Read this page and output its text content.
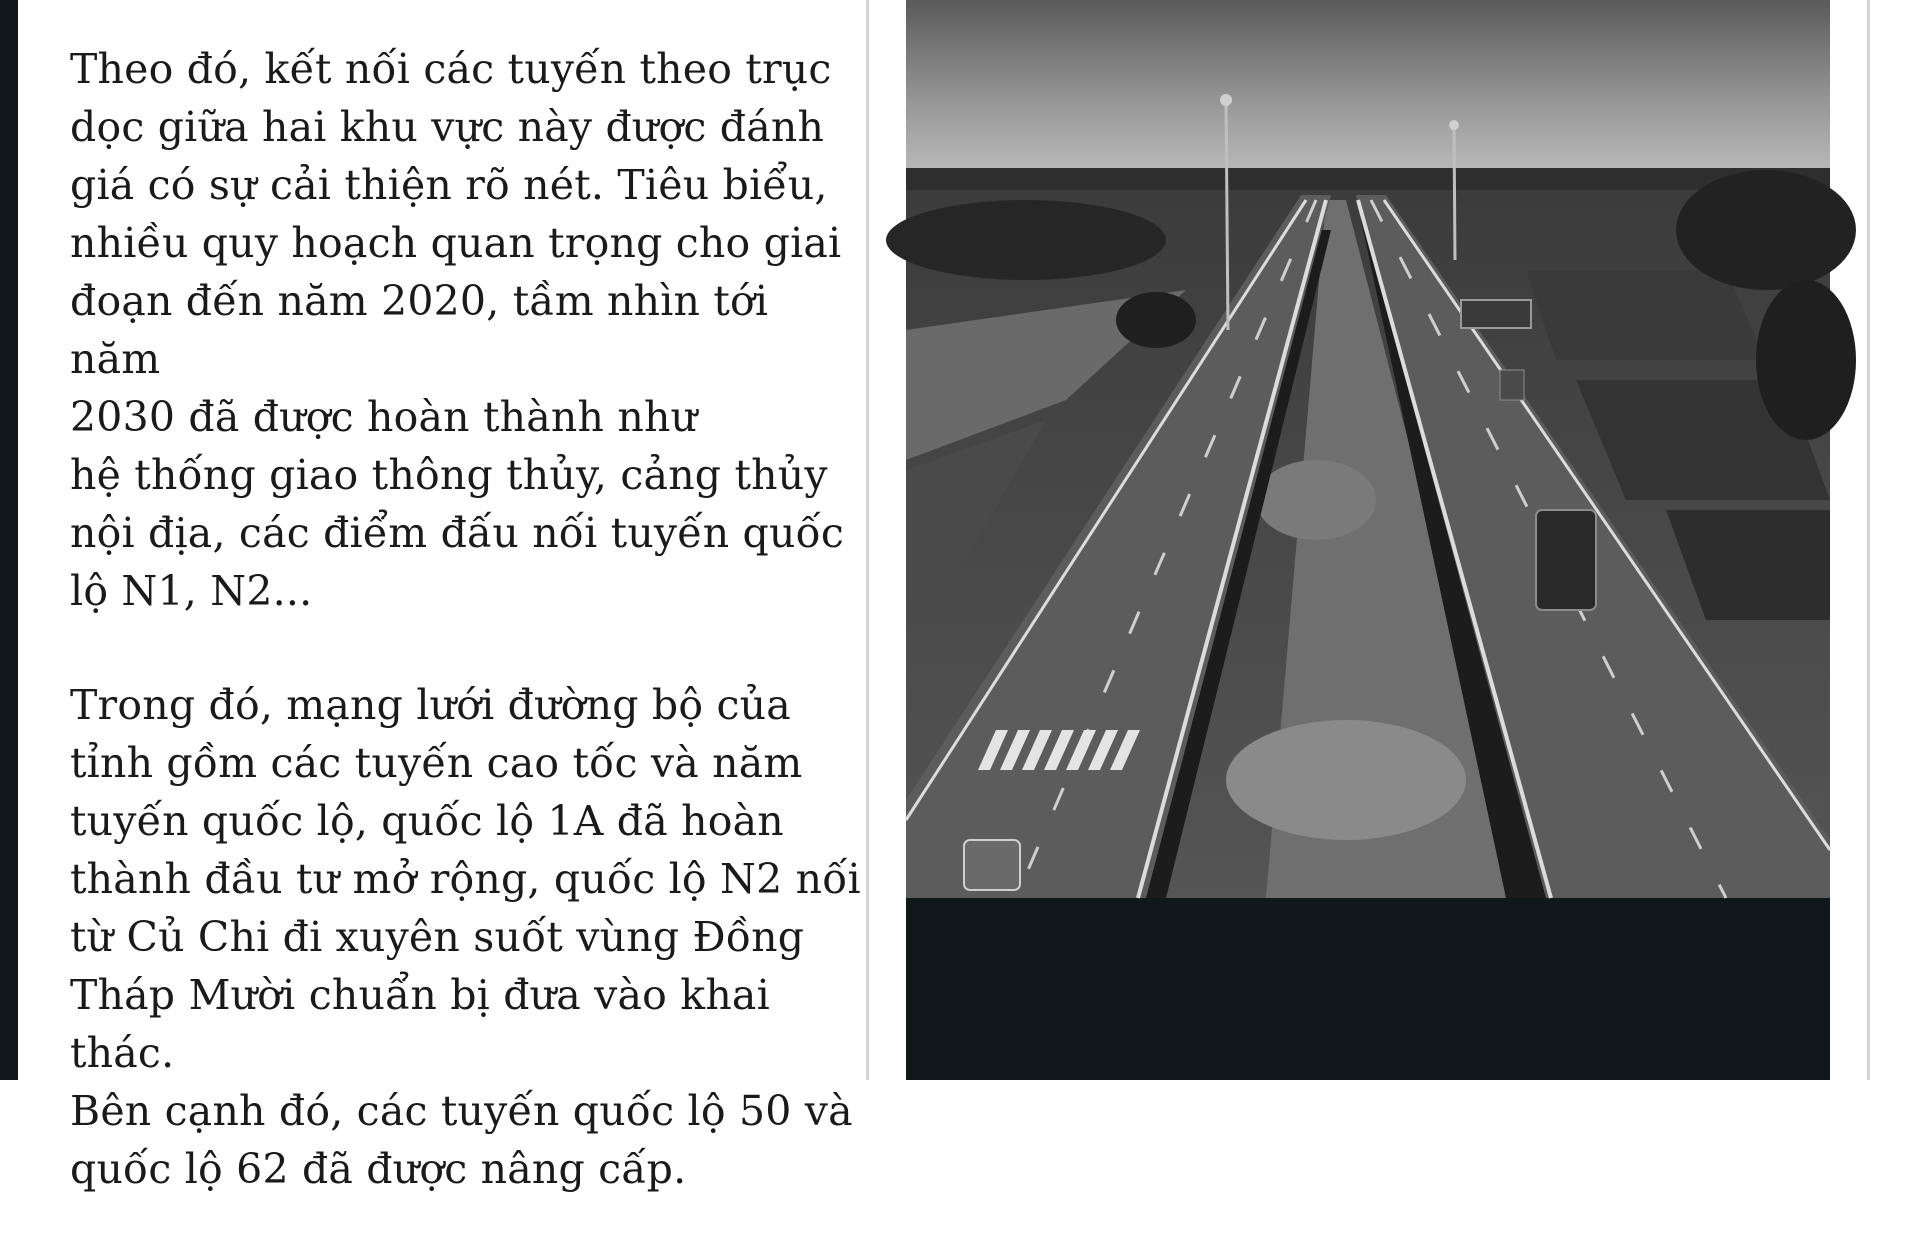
Theo đó, kết nối các tuyến theo trục
dọc giữa hai khu vực này được đánh
giá có sự cải thiện rõ nét. Tiêu biểu,
nhiều quy hoạch quan trọng cho giai
đoạn đến năm 2020, tầm nhìn tới năm
2030 đã được hoàn thành như
hệ thống giao thông thủy, cảng thủy
nội địa, các điểm đấu nối tuyến quốc
lộ N1, N2...

Trong đó, mạng lưới đường bộ của
tỉnh gồm các tuyến cao tốc và năm
tuyến quốc lộ, quốc lộ 1A đã hoàn
thành đầu tư mở rộng, quốc lộ N2 nối
từ Củ Chi đi xuyên suốt vùng Đồng
Tháp Mười chuẩn bị đưa vào khai thác.
Bên cạnh đó, các tuyến quốc lộ 50 và
quốc lộ 62 đã được nâng cấp.
